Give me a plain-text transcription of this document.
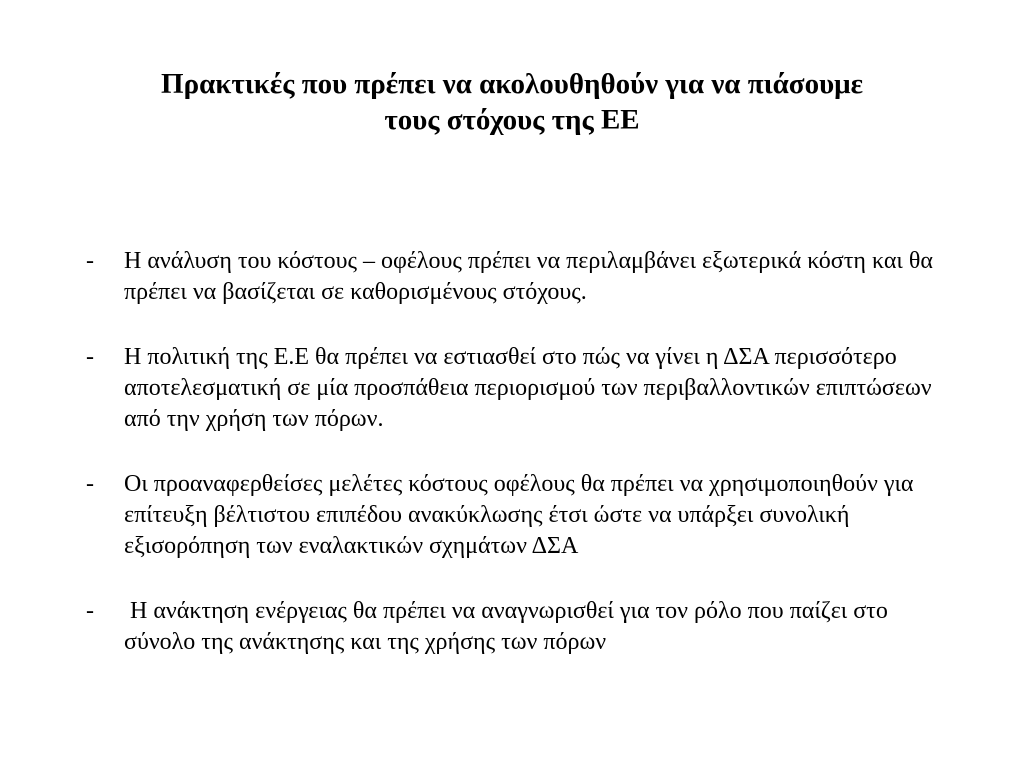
Πρακτικές που πρέπει να ακολουθηθούν για να πιάσουμε
τους στόχους της ΕΕ
- Η ανάλυση του κόστους – οφέλους πρέπει να περιλαμβάνει εξωτερικά κόστη και θα πρέπει να βασίζεται σε καθορισμένους στόχους.
- Η πολιτική της Ε.Ε θα πρέπει να εστιασθεί στο πώς να γίνει η ΔΣΑ περισσότερο αποτελεσματική σε μία προσπάθεια περιορισμού των περιβαλλοντικών επιπτώσεων από την χρήση των πόρων.
- Οι προαναφερθείσες μελέτες κόστους οφέλους θα πρέπει να χρησιμοποιηθούν για επίτευξη βέλτιστου επιπέδου ανακύκλωσης έτσι ώστε να υπάρξει συνολική εξισορόπηση των εναλακτικών σχημάτων ΔΣΑ
- Η ανάκτηση ενέργειας θα πρέπει να αναγνωρισθεί για τον ρόλο που παίζει στο σύνολο της ανάκτησης και της χρήσης των πόρων
